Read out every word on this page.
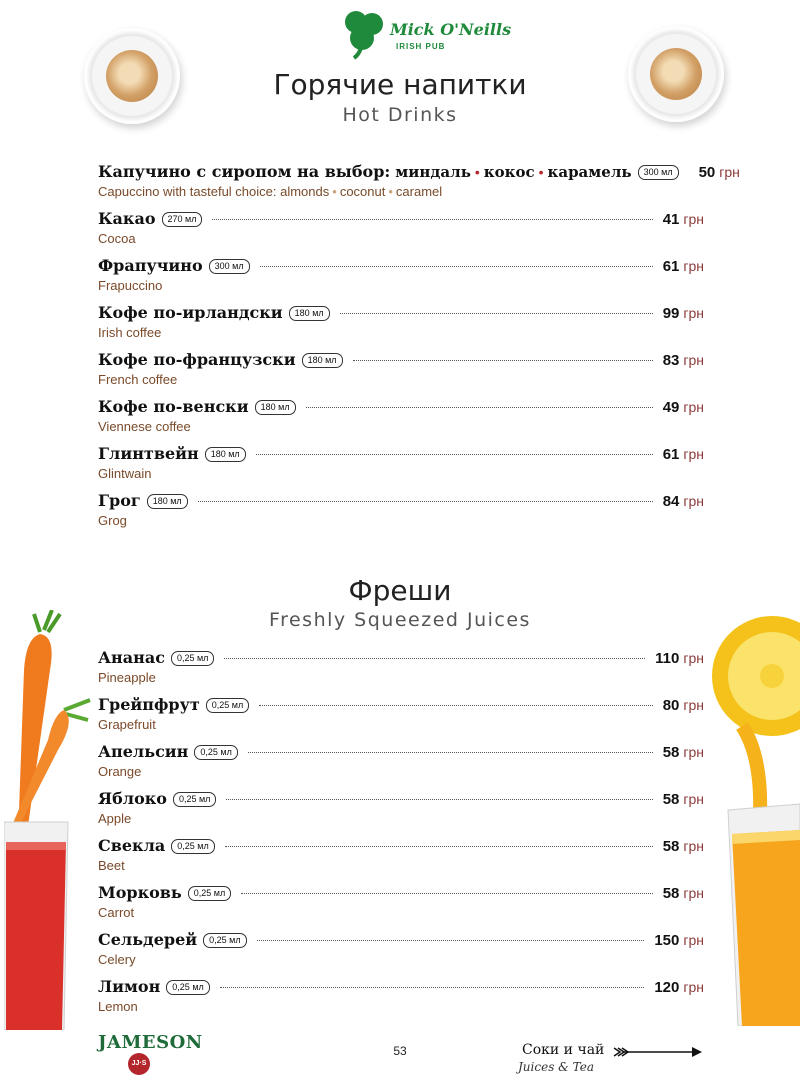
Mick O'Neills
IRISH PUB
Горячие напитки
Hot Drinks
Капучино с сиропом на выбор: миндаль • кокос • карамель	300 мл	50 грн
Capuccino with tasteful choice: almonds • coconut • caramel
Какао	270 мл	41 грн
Cocoa
Фрапучино	300 мл	61 грн
Frapuccino
Кофе по-ирландски	180 мл	99 грн
Irish coffee
Кофе по-французски	180 мл	83 грн
French coffee
Кофе по-венски	180 мл	49 грн
Viennese coffee
Глинтвейн	180 мл	61 грн
Glintwain
Грог	180 мл	84 грн
Grog
Фреши
Freshly Squeezed Juices
Ананас	0,25 мл	110 грн
Pineapple
Грейпфрут	0,25 мл	80 грн
Grapefruit
Апельсин	0,25 мл	58 грн
Orange
Яблоко	0,25 мл	58 грн
Apple
Свекла	0,25 мл	58 грн
Beet
Морковь	0,25 мл	58 грн
Carrot
Сельдерей	0,25 мл	150 грн
Celery
Лимон	0,25 мл	120 грн
Lemon
JAMESON
JJ·S
53	Соки и чай
Juices & Tea
